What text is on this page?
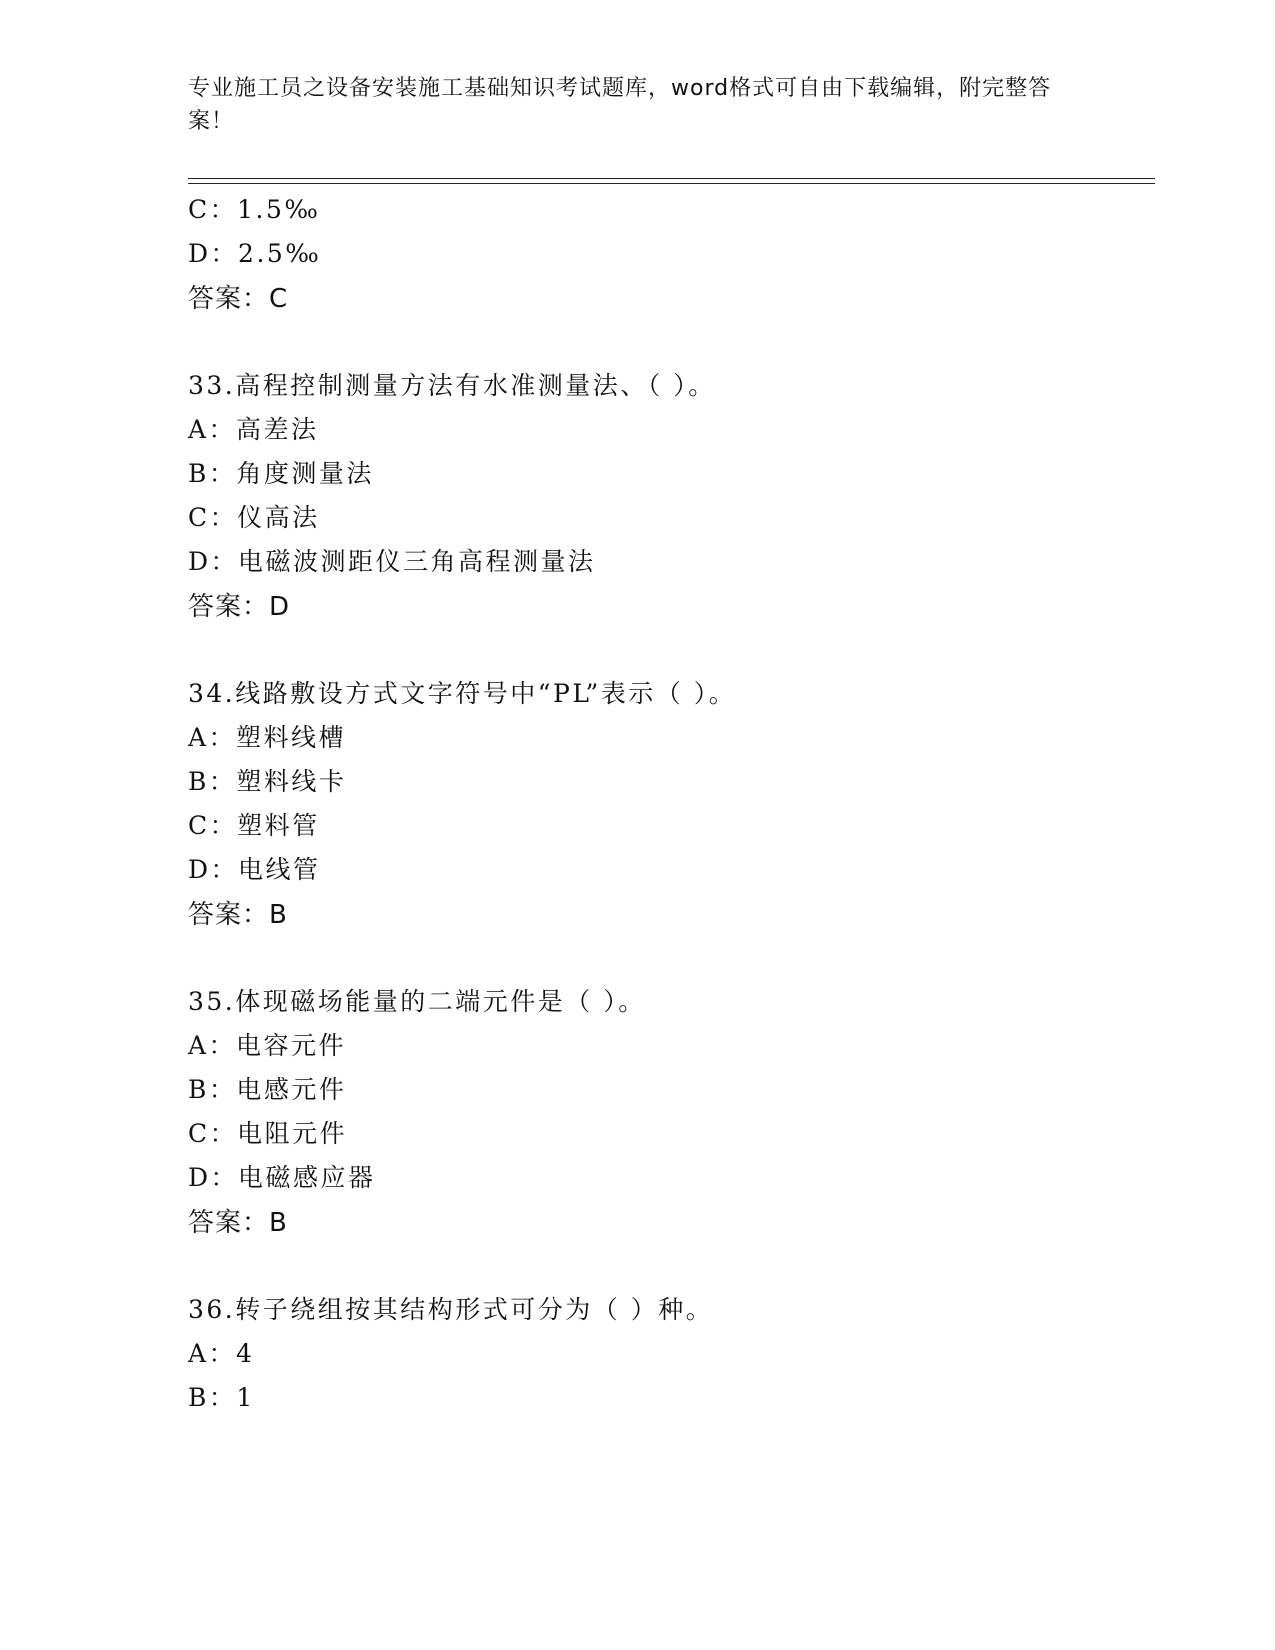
专业施工员之设备安装施工基础知识考试题库，word格式可自由下载编辑，附完整答案！
C：1.5‰
D：2.5‰
答案：C
33.高程控制测量方法有水准测量法、（ ）。
A：高差法
B：角度测量法
C：仪高法
D：电磁波测距仪三角高程测量法
答案：D
34.线路敷设方式文字符号中“PL”表示（ ）。
A：塑料线槽
B：塑料线卡
C：塑料管
D：电线管
答案：B
35.体现磁场能量的二端元件是（ ）。
A：电容元件
B：电感元件
C：电阻元件
D：电磁感应器
答案：B
36.转子绕组按其结构形式可分为（ ）种。
A：4
B：1
